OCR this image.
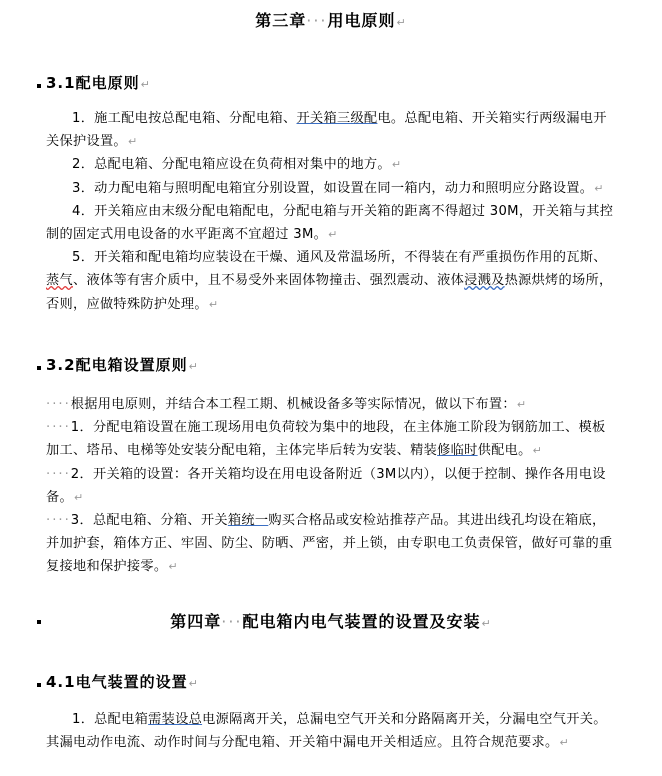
第三章···用电原则↵
3.1配电原则↵

1．施工配电按总配电箱、分配电箱、开关箱三级配电。总配电箱、开关箱实行两级漏电开关保护设置。↵

2．总配电箱、分配电箱应设在负荷相对集中的地方。↵

3．动力配电箱与照明配电箱宜分别设置，如设置在同一箱内，动力和照明应分路设置。↵

4．开关箱应由末级分配电箱配电，分配电箱与开关箱的距离不得超过 30M，开关箱与其控制的固定式用电设备的水平距离不宜超过 3M。↵

5．开关箱和配电箱均应装设在干燥、通风及常温场所，不得装在有严重损伤作用的瓦斯、蒸气、液体等有害介质中，且不易受外来固体物撞击、强烈震动、液体浸溅及热源烘烤的场所，否则，应做特殊防护处理。↵

3.2配电箱设置原则↵

····根据用电原则，并结合本工程工期、机械设备多等实际情况，做以下布置：↵

····1．分配电箱设置在施工现场用电负荷较为集中的地段，在主体施工阶段为钢筋加工、模板加工、塔吊、电梯等处安装分配电箱，主体完毕后转为安装、精装修临时供配电。↵

····2．开关箱的设置：各开关箱均设在用电设备附近（3M以内），以便于控制、操作各用电设备。↵

····3．总配电箱、分箱、开关箱统一购买合格品或安检站推荐产品。其进出线孔均设在箱底，并加护套，箱体方正、牢固、防尘、防晒、严密，并上锁，由专职电工负责保管，做好可靠的重复接地和保护接零。↵

第四章···配电箱内电气装置的设置及安装↵
4.1电气装置的设置↵

1．总配电箱需装设总电源隔离开关，总漏电空气开关和分路隔离开关，分漏电空气开关。其漏电动作电流、动作时间与分配电箱、开关箱中漏电开关相适应。且符合规范要求。↵
